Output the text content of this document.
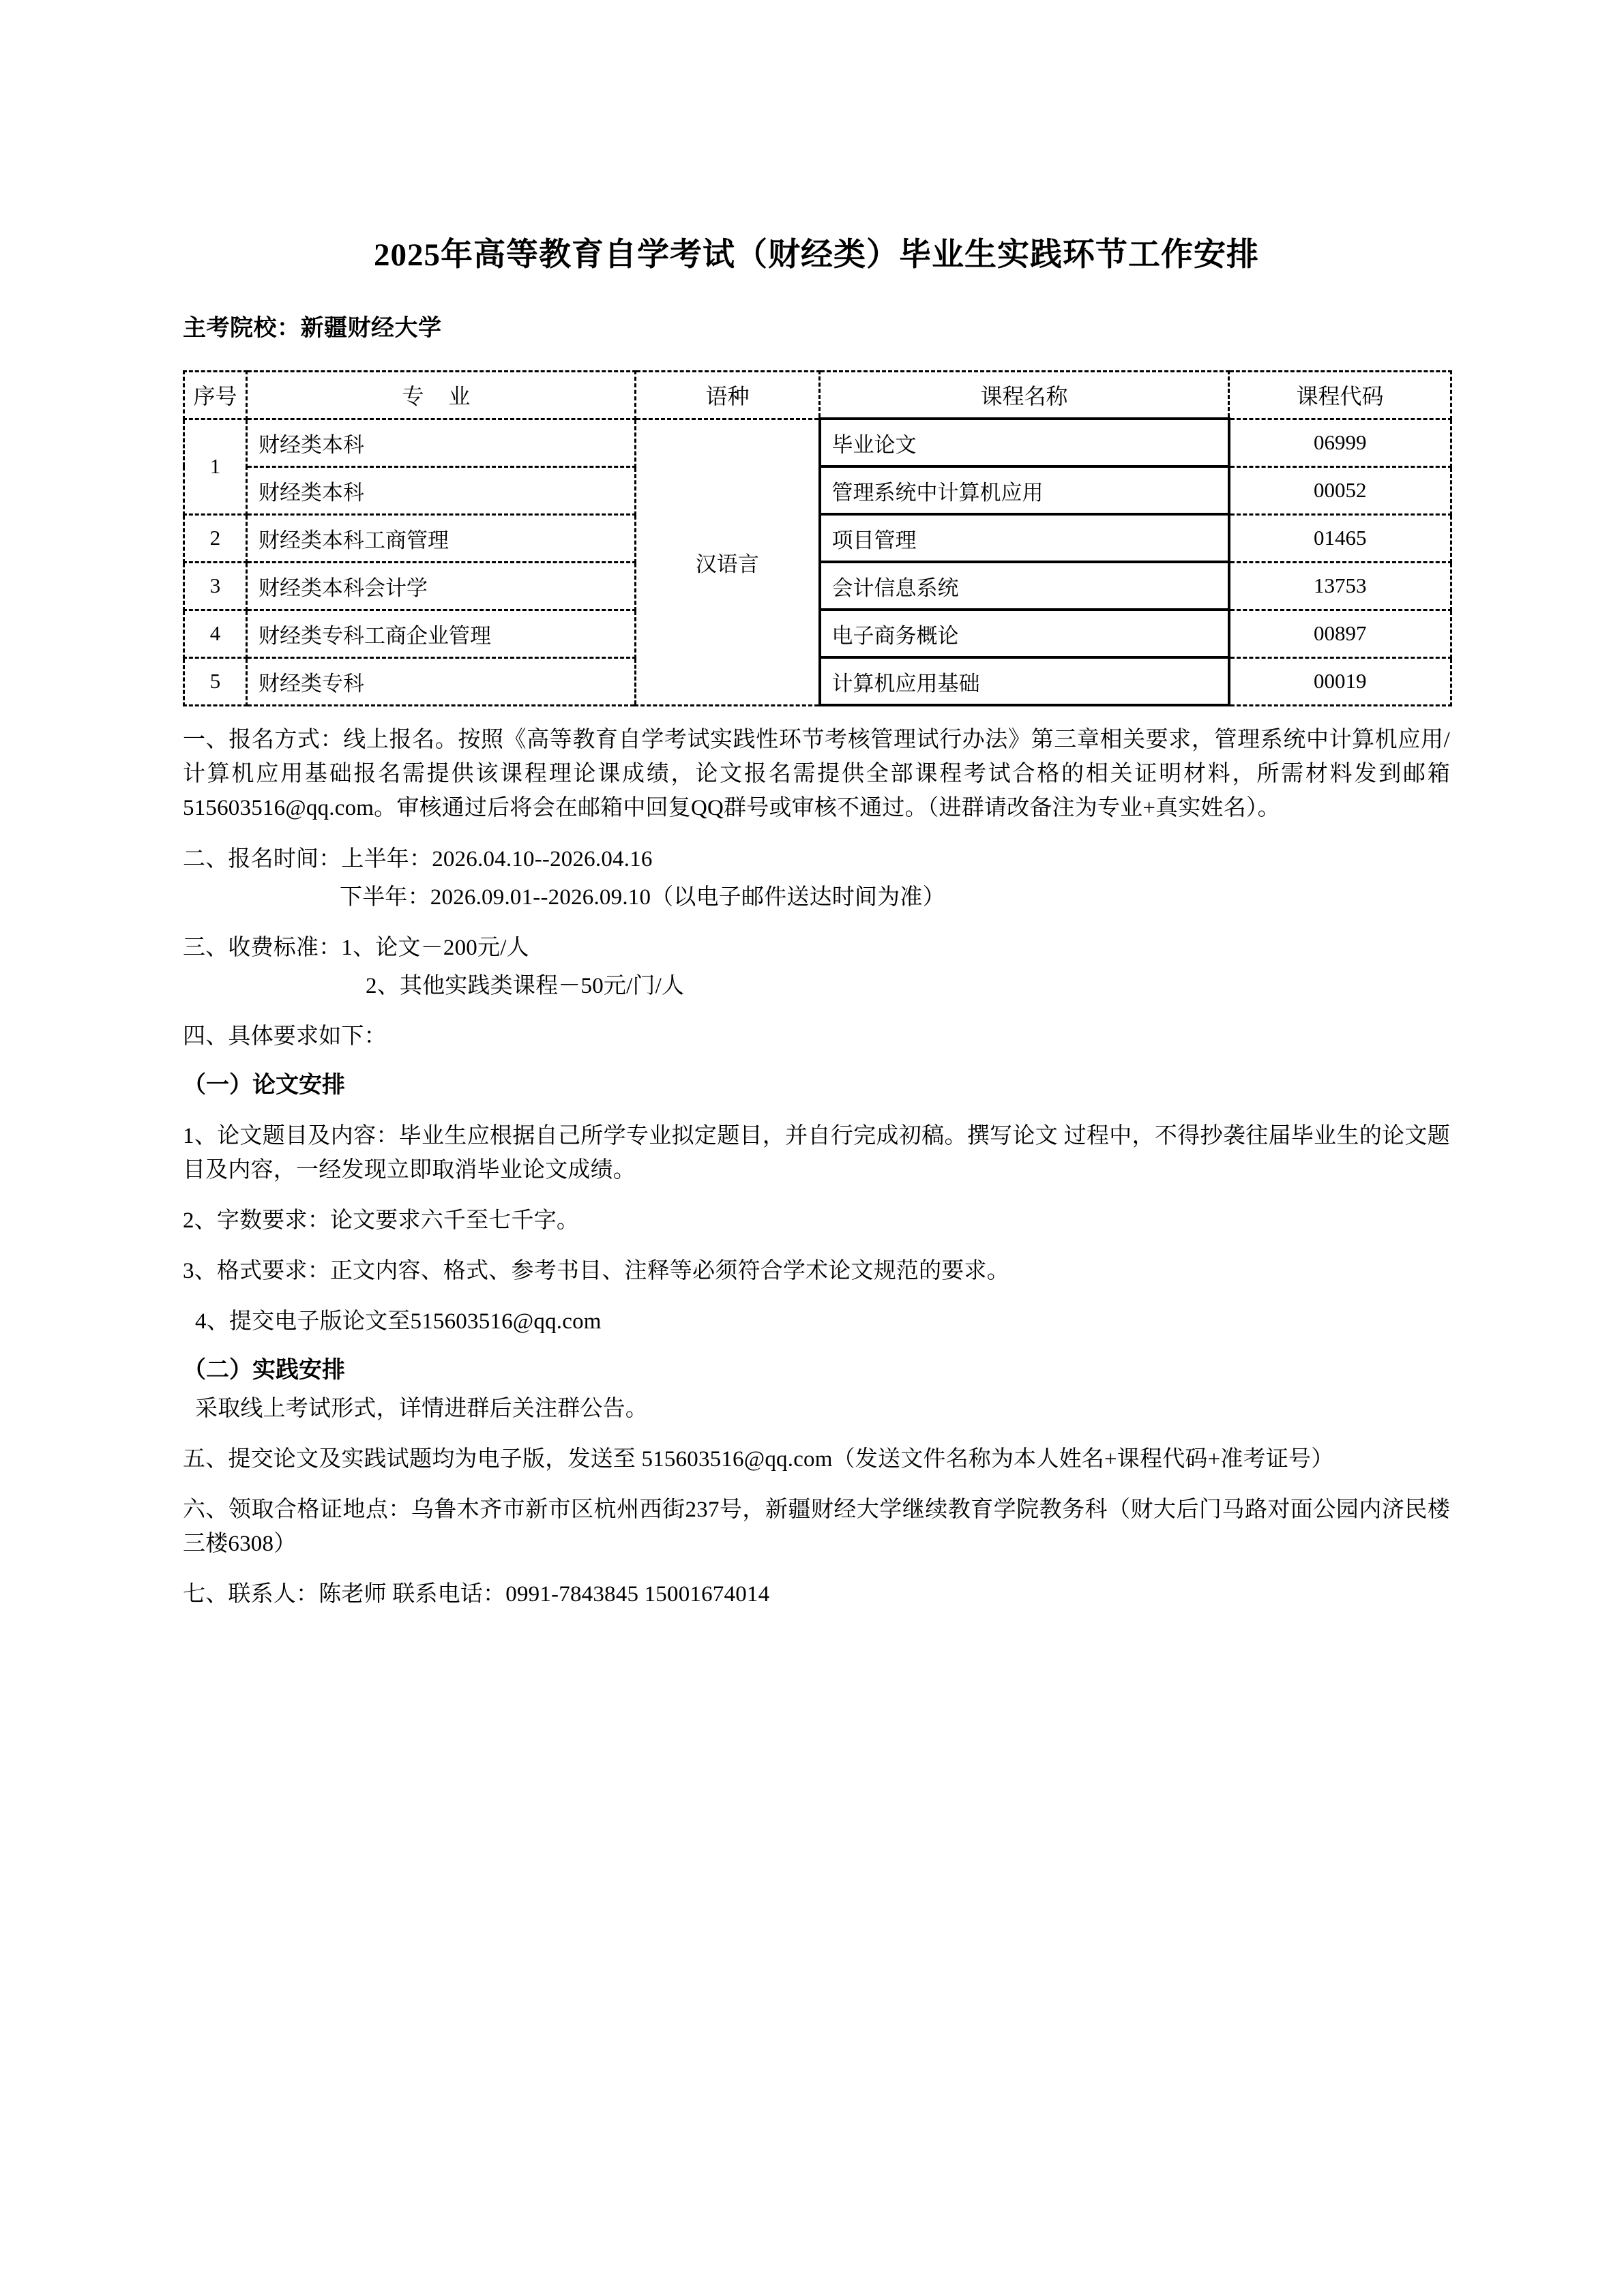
2025年高等教育自学考试（财经类）毕业生实践环节工作安排
主考院校：新疆财经大学
序号	专 业	语种	课程名称	课程代码
1	财经类本科	汉语言	毕业论文	06999
	财经类本科		管理系统中计算机应用	00052
2	财经类本科工商管理		项目管理	01465
3	财经类本科会计学		会计信息系统	13753
4	财经类专科工商企业管理		电子商务概论	00897
5	财经类专科		计算机应用基础	00019

一、报名方式：线上报名。按照《高等教育自学考试实践性环节考核管理试行办法》第三章相关要求，管理系统中计算机应用/计算机应用基础报名需提供该课程理论课成绩，论文报名需提供全部课程考试合格的相关证明材料，所需材料发到邮箱515603516@qq.com。审核通过后将会在邮箱中回复QQ群号或审核不通过。（进群请改备注为专业+真实姓名）。

二、报名时间：上半年：2026.04.10--2026.04.16

下半年：2026.09.01--2026.09.10（以电子邮件送达时间为准）

三、收费标准：1、论文－200元/人

2、其他实践类课程－50元/门/人

四、具体要求如下：

（一）论文安排

1、论文题目及内容：毕业生应根据自己所学专业拟定题目，并自行完成初稿。撰写论文 过程中，不得抄袭往届毕业生的论文题目及内容，一经发现立即取消毕业论文成绩。

2、字数要求：论文要求六千至七千字。

3、格式要求：正文内容、格式、参考书目、注释等必须符合学术论文规范的要求。

4、提交电子版论文至515603516@qq.com

（二）实践安排

采取线上考试形式，详情进群后关注群公告。

五、提交论文及实践试题均为电子版，发送至 515603516@qq.com（发送文件名称为本人姓名+课程代码+准考证号）

六、领取合格证地点：乌鲁木齐市新市区杭州西街237号，新疆财经大学继续教育学院教务科（财大后门马路对面公园内济民楼三楼6308）

七、联系人：陈老师 联系电话：0991-7843845 15001674014
